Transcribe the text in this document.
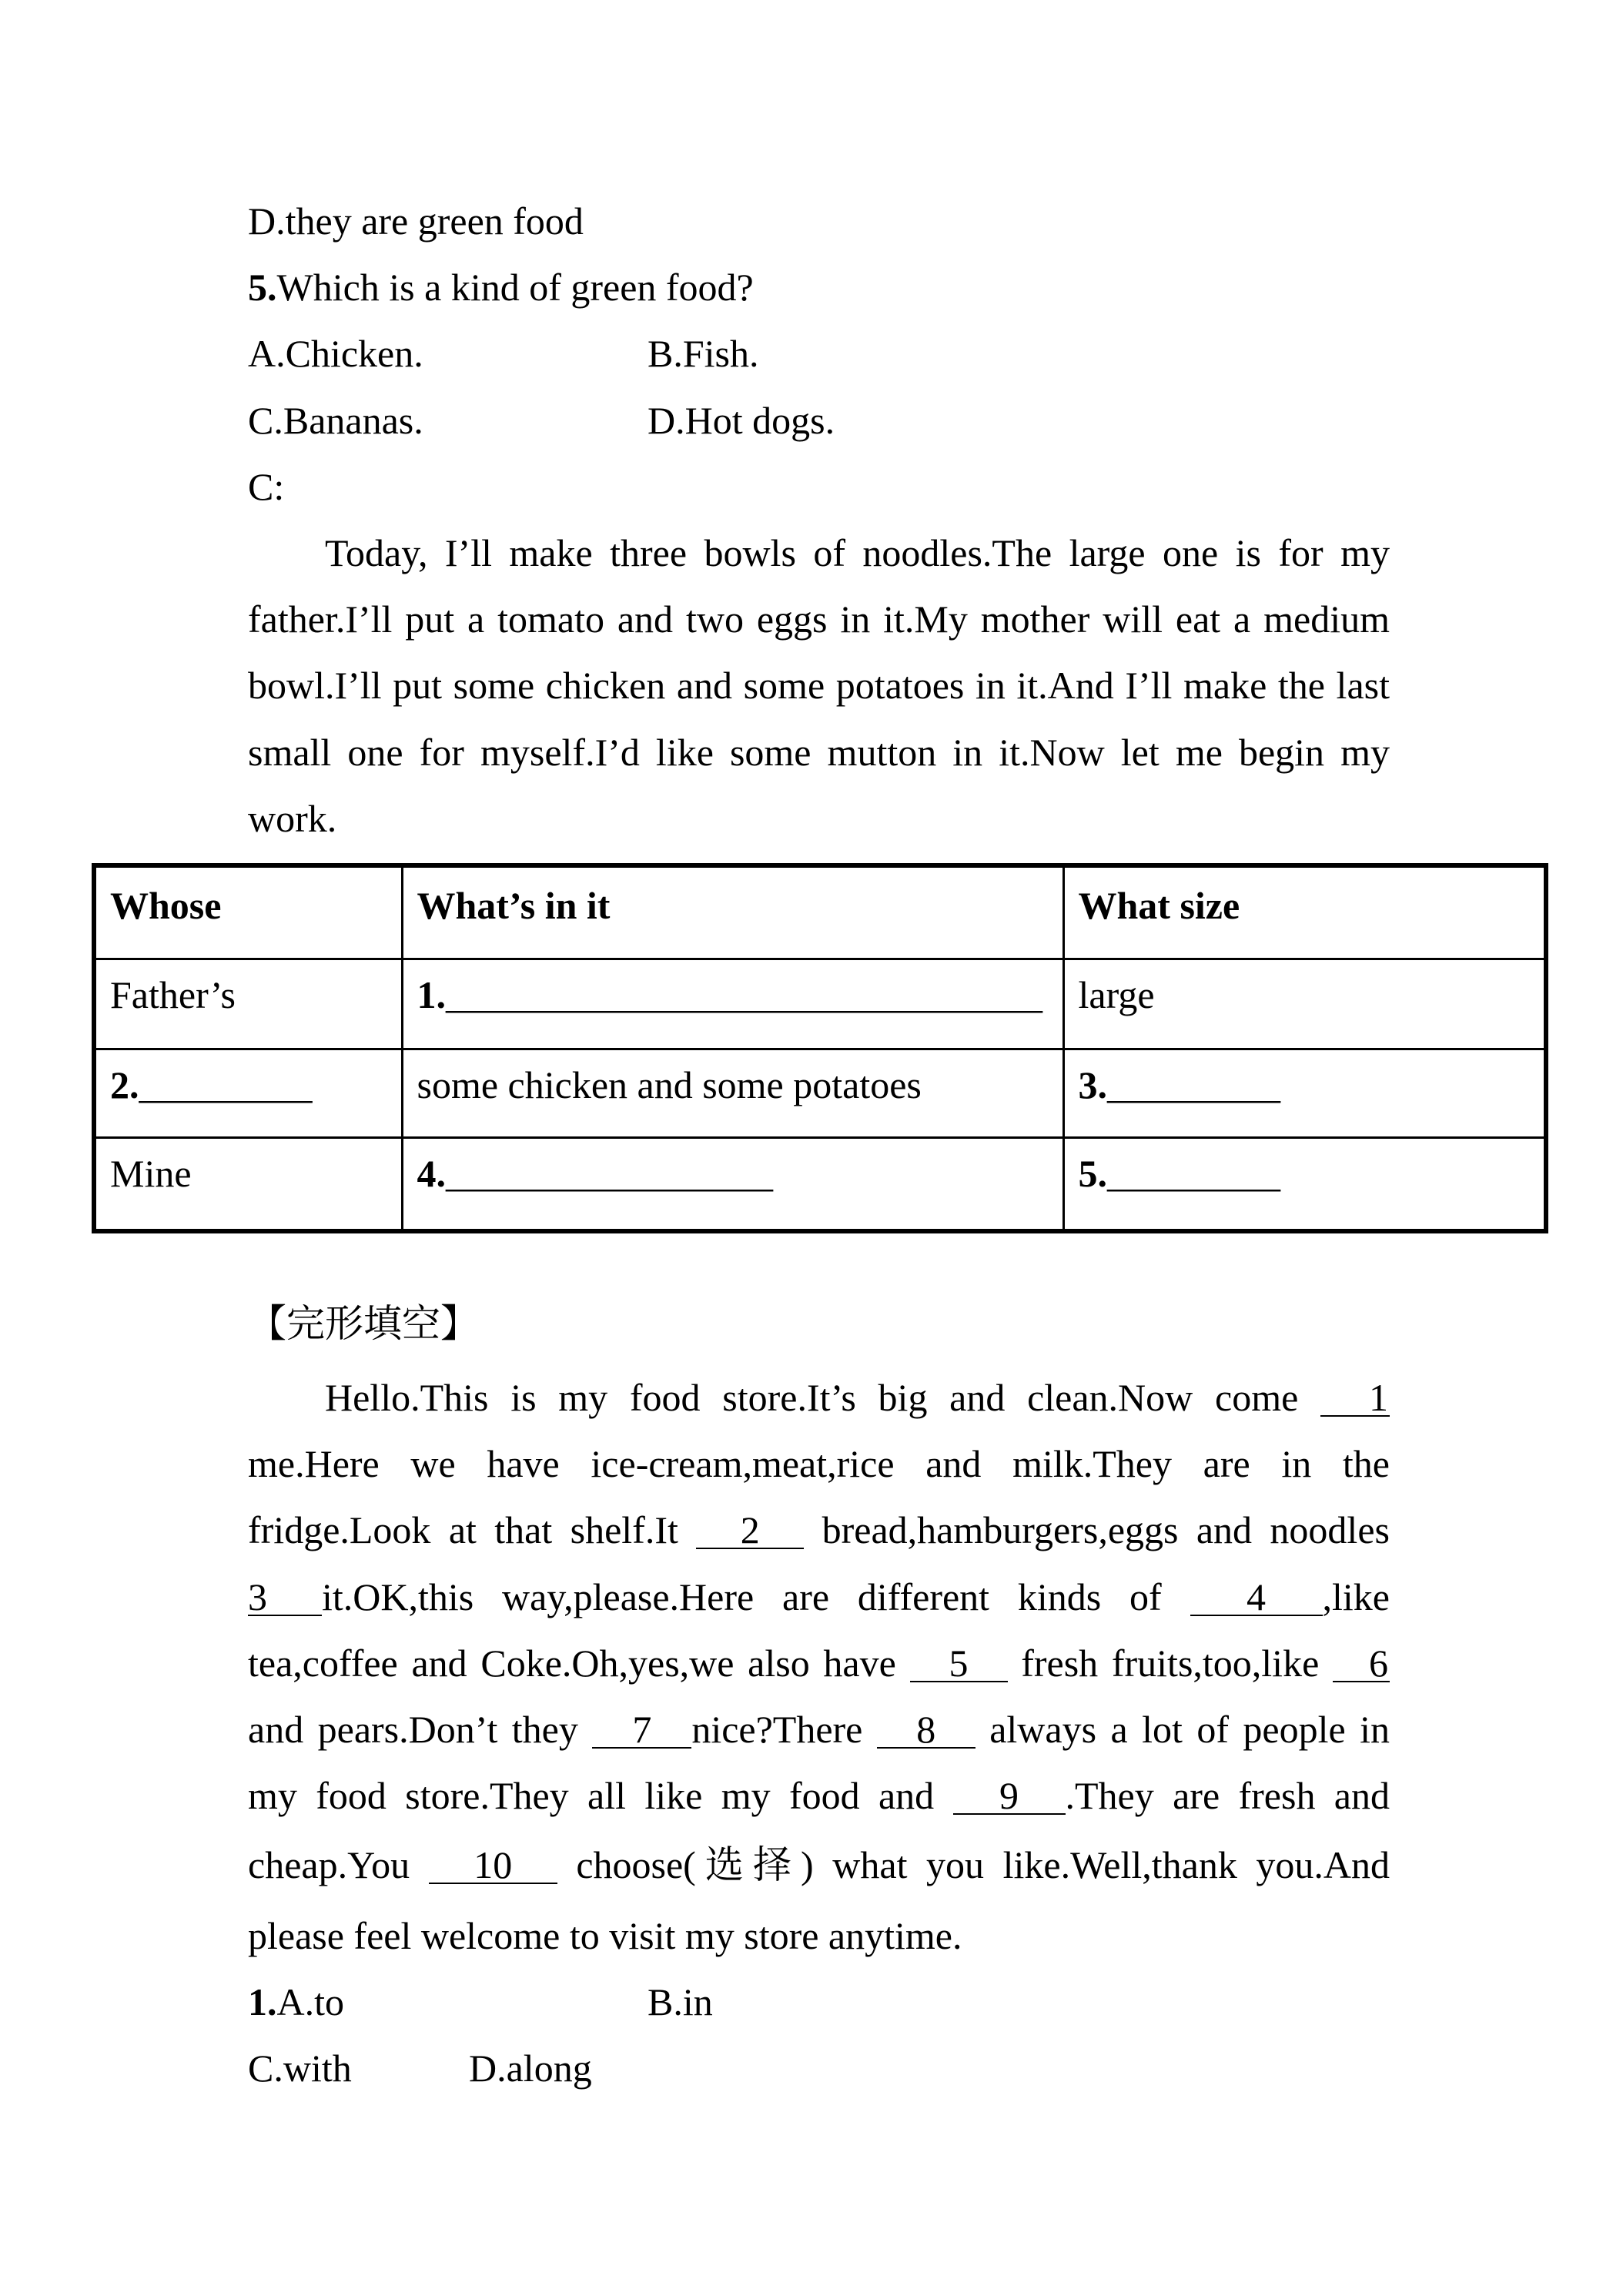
D.they are green food
5.Which is a kind of green food?
A.Chicken.	B.Fish.
C.Bananas.	D.Hot dogs.
C:
Today, I’ll make three bowls of noodles.The large one is for my
father.I’ll put a tomato and two eggs in it.My mother will eat a medium
bowl.I’ll put some chicken and some potatoes in it.And I’ll make the last
small one for myself.I’d like some mutton in it.Now let me begin my
work.
Whose	What’s in it	What size
Father’s	1._______________________________	large
2._________	some chicken and some potatoes	3._________
Mine	4._________________	5._________
【完形填空】
Hello.This is my food store.It’s big and clean.Now come 1
me.Here we have ice-cream,meat,rice and milk.They are in the
fridge.Look at that shelf.It 2 bread,hamburgers,eggs and noodles
3 it.OK,this way,please.Here are different kinds of 4 ,like
tea,coffee and Coke.Oh,yes,we also have 5 fresh fruits,too,like 6
and pears.Don’t they 7 nice?There 8 always a lot of people in
my food store.They all like my food and 9 .They are fresh and
cheap.You 10 choose(选择) what you like.Well,thank you.And
please feel welcome to visit my store anytime.
1.A.to	B.in
C.with	D.along
